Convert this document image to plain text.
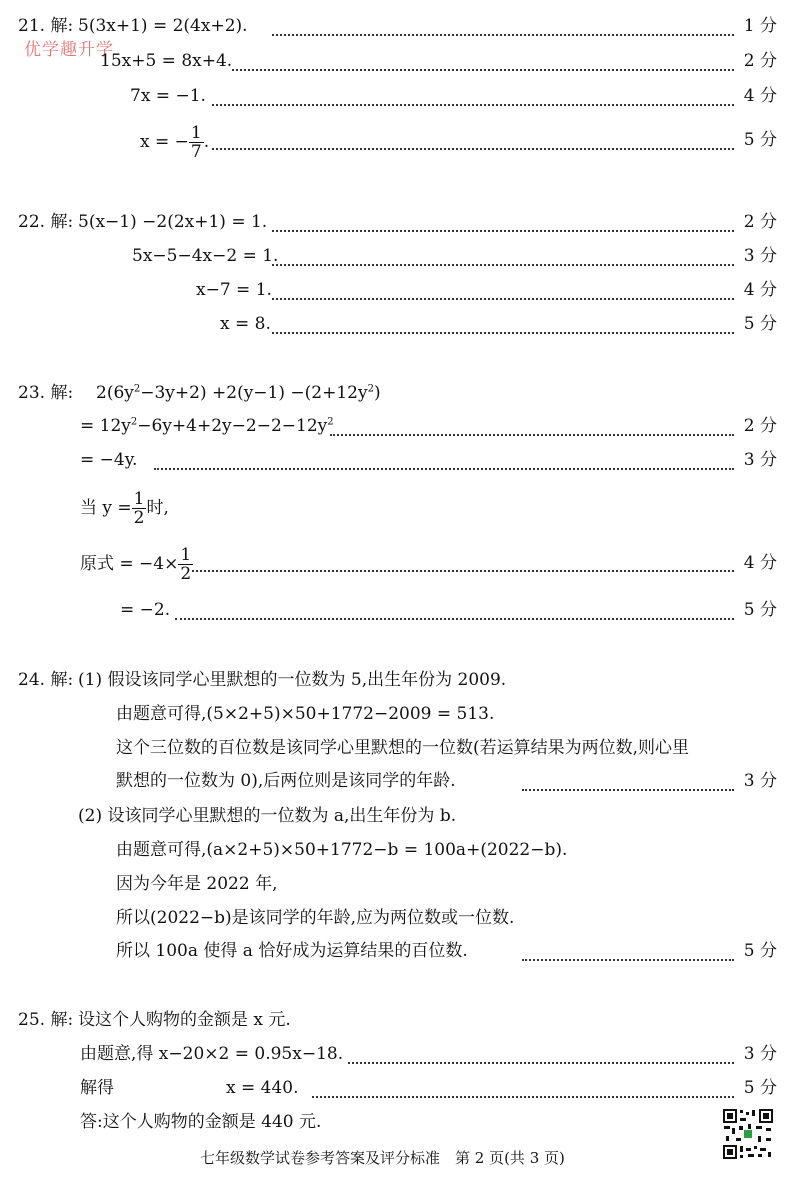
优学趣升学
21. 解: 5(3x+1) = 2(4x+2).	1 分
15x+5 = 8x+4.	2 分
7x = −1.	4 分
x = − $\frac{1}{7}$ .	5 分
22. 解: 5(x−1) −2(2x+1) = 1.	2 分
5x−5−4x−2 = 1.	3 分
x−7 = 1.	4 分
x = 8.	5 分
23. 解: $2(6y^2-3y+2) +2(y-1) -(2+12y^2)$
= $12y^2-6y+4+2y-2-2-12y^2$	2 分
= −4y.	3 分
当 $y = \frac{1}{2}$ 时,
原式 = $-4\times \frac{1}{2}$	4 分
= −2.	5 分
24. 解: (1) 假设该同学心里默想的一位数为 5,出生年份为 2009.
由题意可得,(5×2+5)×50+1772−2009 = 513.
这个三位数的百位数是该同学心里默想的一位数(若运算结果为两位数,则心里
默想的一位数为 0),后两位则是该同学的年龄.	3 分
(2) 设该同学心里默想的一位数为 a,出生年份为 b.
由题意可得,(a×2+5)×50+1772−b = 100a+(2022−b).
因为今年是 2022 年,
所以(2022−b)是该同学的年龄,应为两位数或一位数.
所以 100a 使得 a 恰好成为运算结果的百位数.	5 分
25. 解: 设这个人购物的金额是 x 元.
由题意,得 x−20×2 = 0.95x−18.	3 分
解得	x = 440.	5 分
答:这个人购物的金额是 440 元.
七年级数学试卷参考答案及评分标准　第 2 页(共 3 页)
